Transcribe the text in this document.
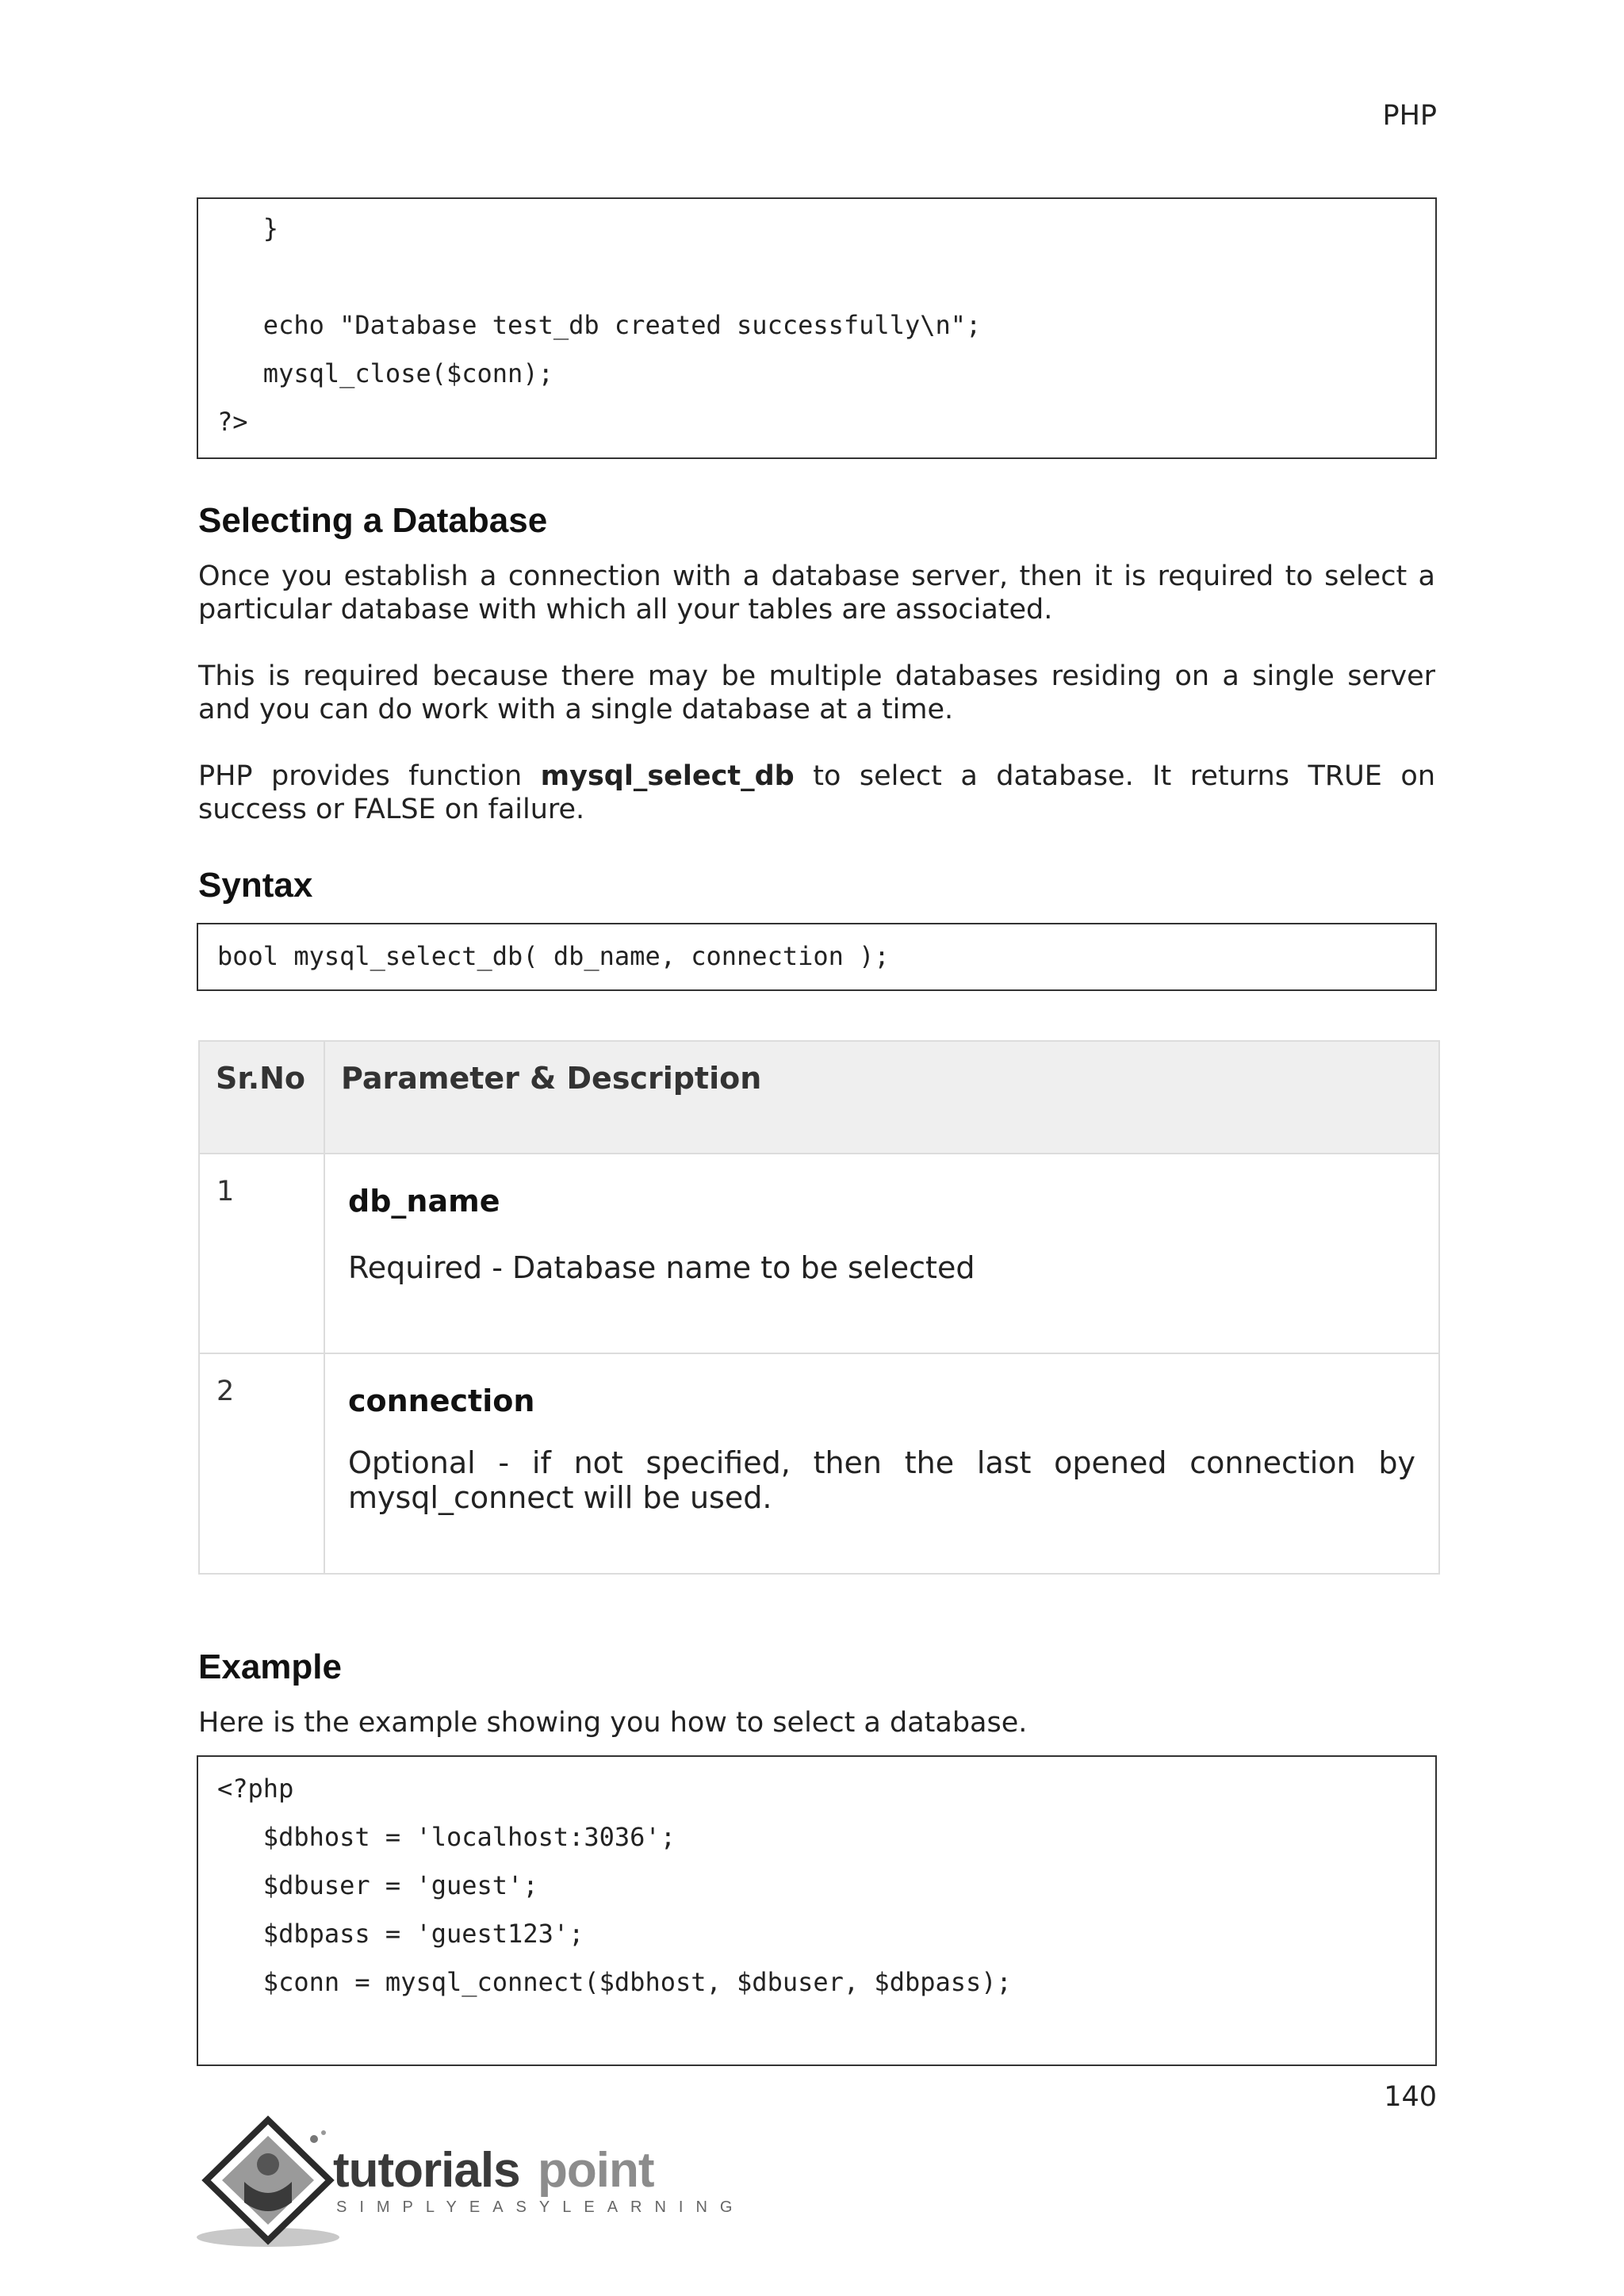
PHP
}
echo "Database test_db created successfully\n";
mysql_close($conn);
?>
Selecting a Database
Once you establish a connection with a database server, then it is required to select a particular database with which all your tables are associated.
This is required because there may be multiple databases residing on a single server and you can do work with a single database at a time.
PHP provides function mysql_select_db to select a database. It returns TRUE on success or FALSE on failure.
Syntax
bool mysql_select_db( db_name, connection );
Sr.No	Parameter & Description

1	db_name
Required - Database name to be selected

2	connection
Optional - if not specified, then the last opened connection by mysql_connect will be used.
Example
Here is the example showing you how to select a database.
<?php
$dbhost = 'localhost:3036';
$dbuser = 'guest';
$dbpass = 'guest123';
$conn = mysql_connect($dbhost, $dbuser, $dbpass);
140
tutorials point
SIMPLYEASYLEARNING
